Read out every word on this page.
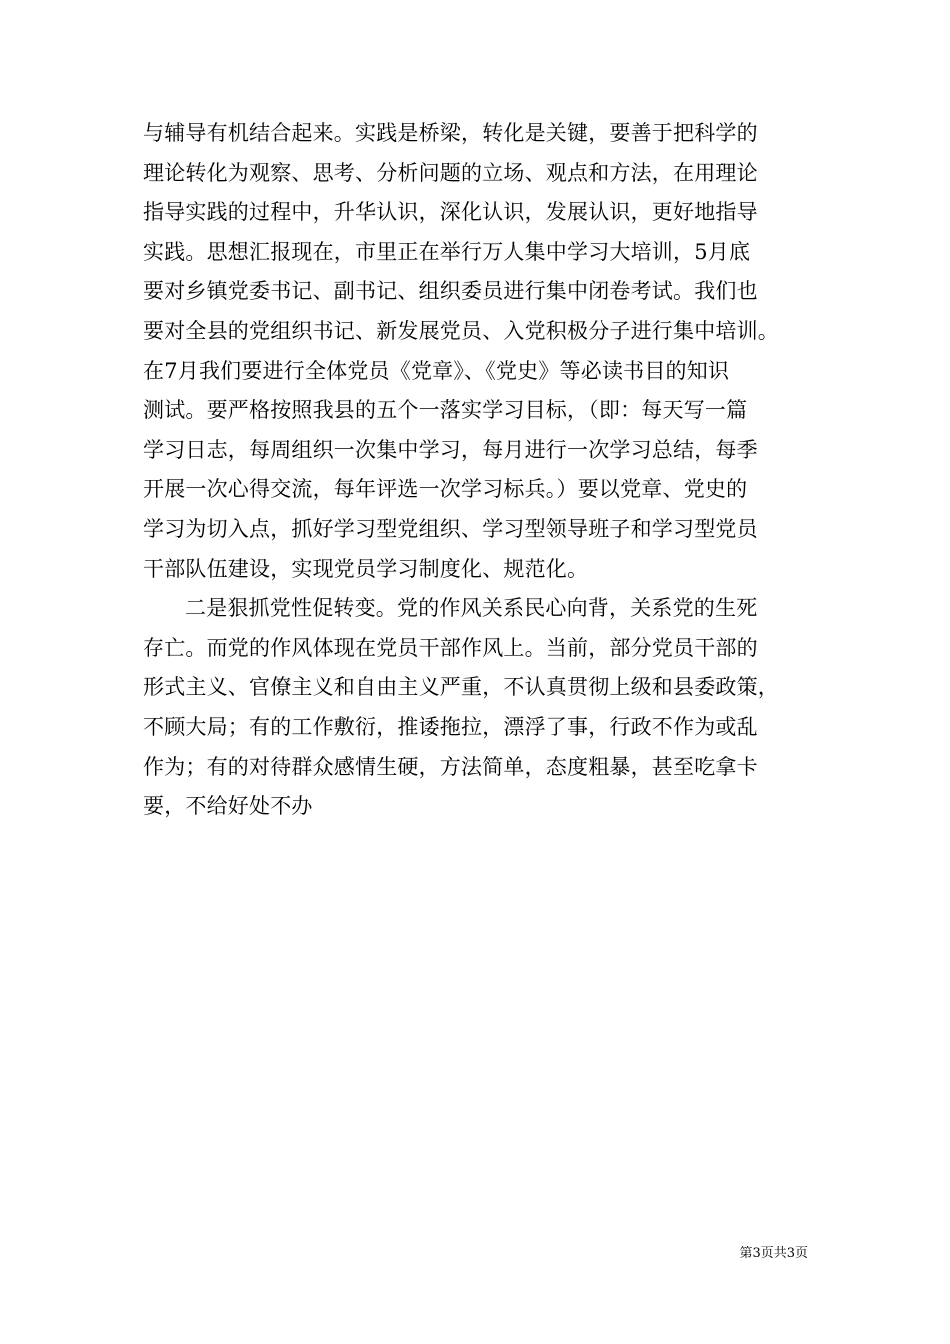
与辅导有机结合起来。实践是桥梁，转化是关键，要善于把科学的
理论转化为观察、思考、分析问题的立场、观点和方法，在用理论
指导实践的过程中，升华认识，深化认识，发展认识，更好地指导
实践。思想汇报现在，市里正在举行万人集中学习大培训，5月底
要对乡镇党委书记、副书记、组织委员进行集中闭卷考试。我们也
要对全县的党组织书记、新发展党员、入党积极分子进行集中培训。
在7月我们要进行全体党员《党章》、《党史》等必读书目的知识
测试。要严格按照我县的五个一落实学习目标，（即：每天写一篇
学习日志，每周组织一次集中学习，每月进行一次学习总结，每季
开展一次心得交流，每年评选一次学习标兵。）要以党章、党史的
学习为切入点，抓好学习型党组织、学习型领导班子和学习型党员
干部队伍建设，实现党员学习制度化、规范化。
二是狠抓党性促转变。党的作风关系民心向背，关系党的生死
存亡。而党的作风体现在党员干部作风上。当前，部分党员干部的
形式主义、官僚主义和自由主义严重，不认真贯彻上级和县委政策，
不顾大局；有的工作敷衍，推诿拖拉，漂浮了事，行政不作为或乱
作为；有的对待群众感情生硬，方法简单，态度粗暴，甚至吃拿卡
要，不给好处不办
第3页共3页
